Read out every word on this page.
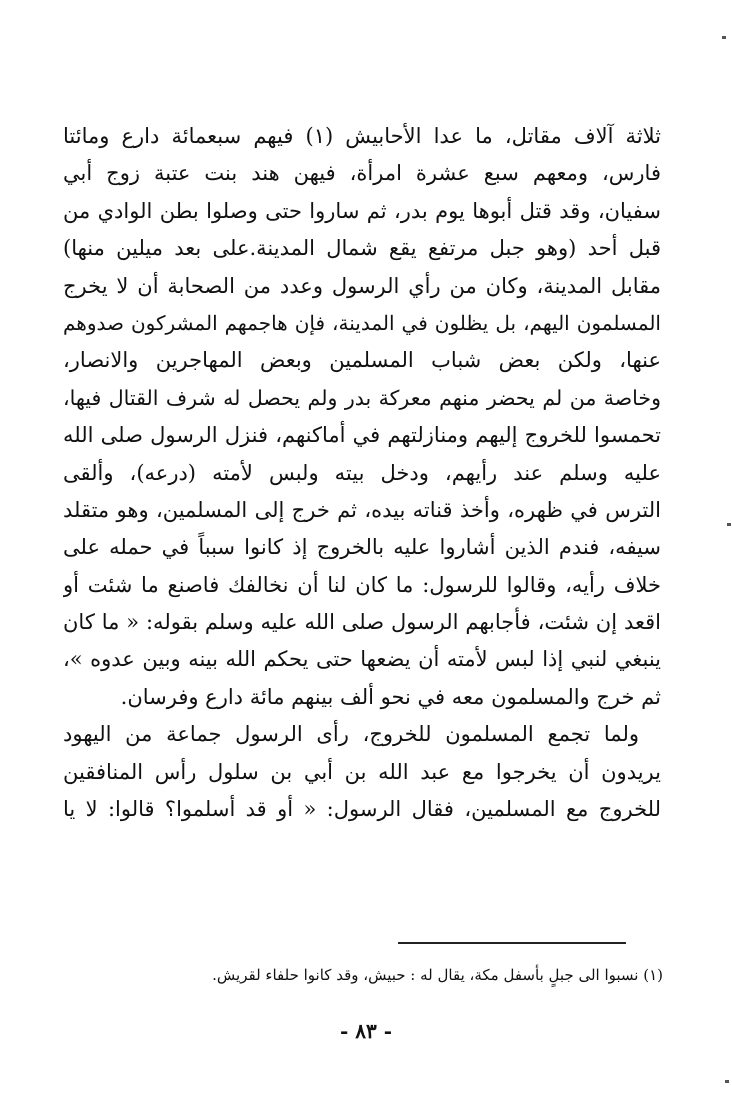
ثلاثة آلاف مقاتل، ما عدا الأحابيش (١) فيهم سبعمائة دارع ومائتا
فارس، ومعهم سبع عشرة امرأة، فيهن هند بنت عتبة زوج أبي
سفيان، وقد قتل أبوها يوم بدر، ثم ساروا حتى وصلوا بطن الوادي من
قبل أحد (وهو جبل مرتفع يقع شمال المدينة.على بعد ميلين منها)
مقابل المدينة، وكان من رأي الرسول وعدد من الصحابة أن لا يخرج
المسلمون اليهم، بل يظلون في المدينة، فإن هاجمهم المشركون صدوهم
عنها، ولكن بعض شباب المسلمين وبعض المهاجرين والانصار،
وخاصة من لم يحضر منهم معركة بدر ولم يحصل له شرف القتال فيها،
تحمسوا للخروج إليهم ومنازلتهم في أماكنهم، فنزل الرسول صلى الله
عليه وسلم عند رأيهم، ودخل بيته ولبس لأمته (درعه)، وألقى
الترس في ظهره، وأخذ قناته بيده، ثم خرج إلى المسلمين، وهو متقلد
سيفه، فندم الذين أشاروا عليه بالخروج إذ كانوا سبباً في حمله على
خلاف رأيه، وقالوا للرسول: ما كان لنا أن نخالفك فاصنع ما شئت أو
اقعد إن شئت، فأجابهم الرسول صلى الله عليه وسلم بقوله: « ما كان
ينبغي لنبي إذا لبس لأمته أن يضعها حتى يحكم الله بينه وبين عدوه »،
ثم خرج والمسلمون معه في نحو ألف بينهم مائة دارع وفرسان.
ولما تجمع المسلمون للخروج، رأى الرسول جماعة من اليهود
يريدون أن يخرجوا مع عبد الله بن أبي بن سلول رأس المنافقين
للخروج مع المسلمين، فقال الرسول: « أو قد أسلموا؟ قالوا: لا يا
(١) نسبوا الى جبلٍ بأسفل مكة، يقال له : حبيش، وقد كانوا حلفاء لقريش.
- ٨٣ -
